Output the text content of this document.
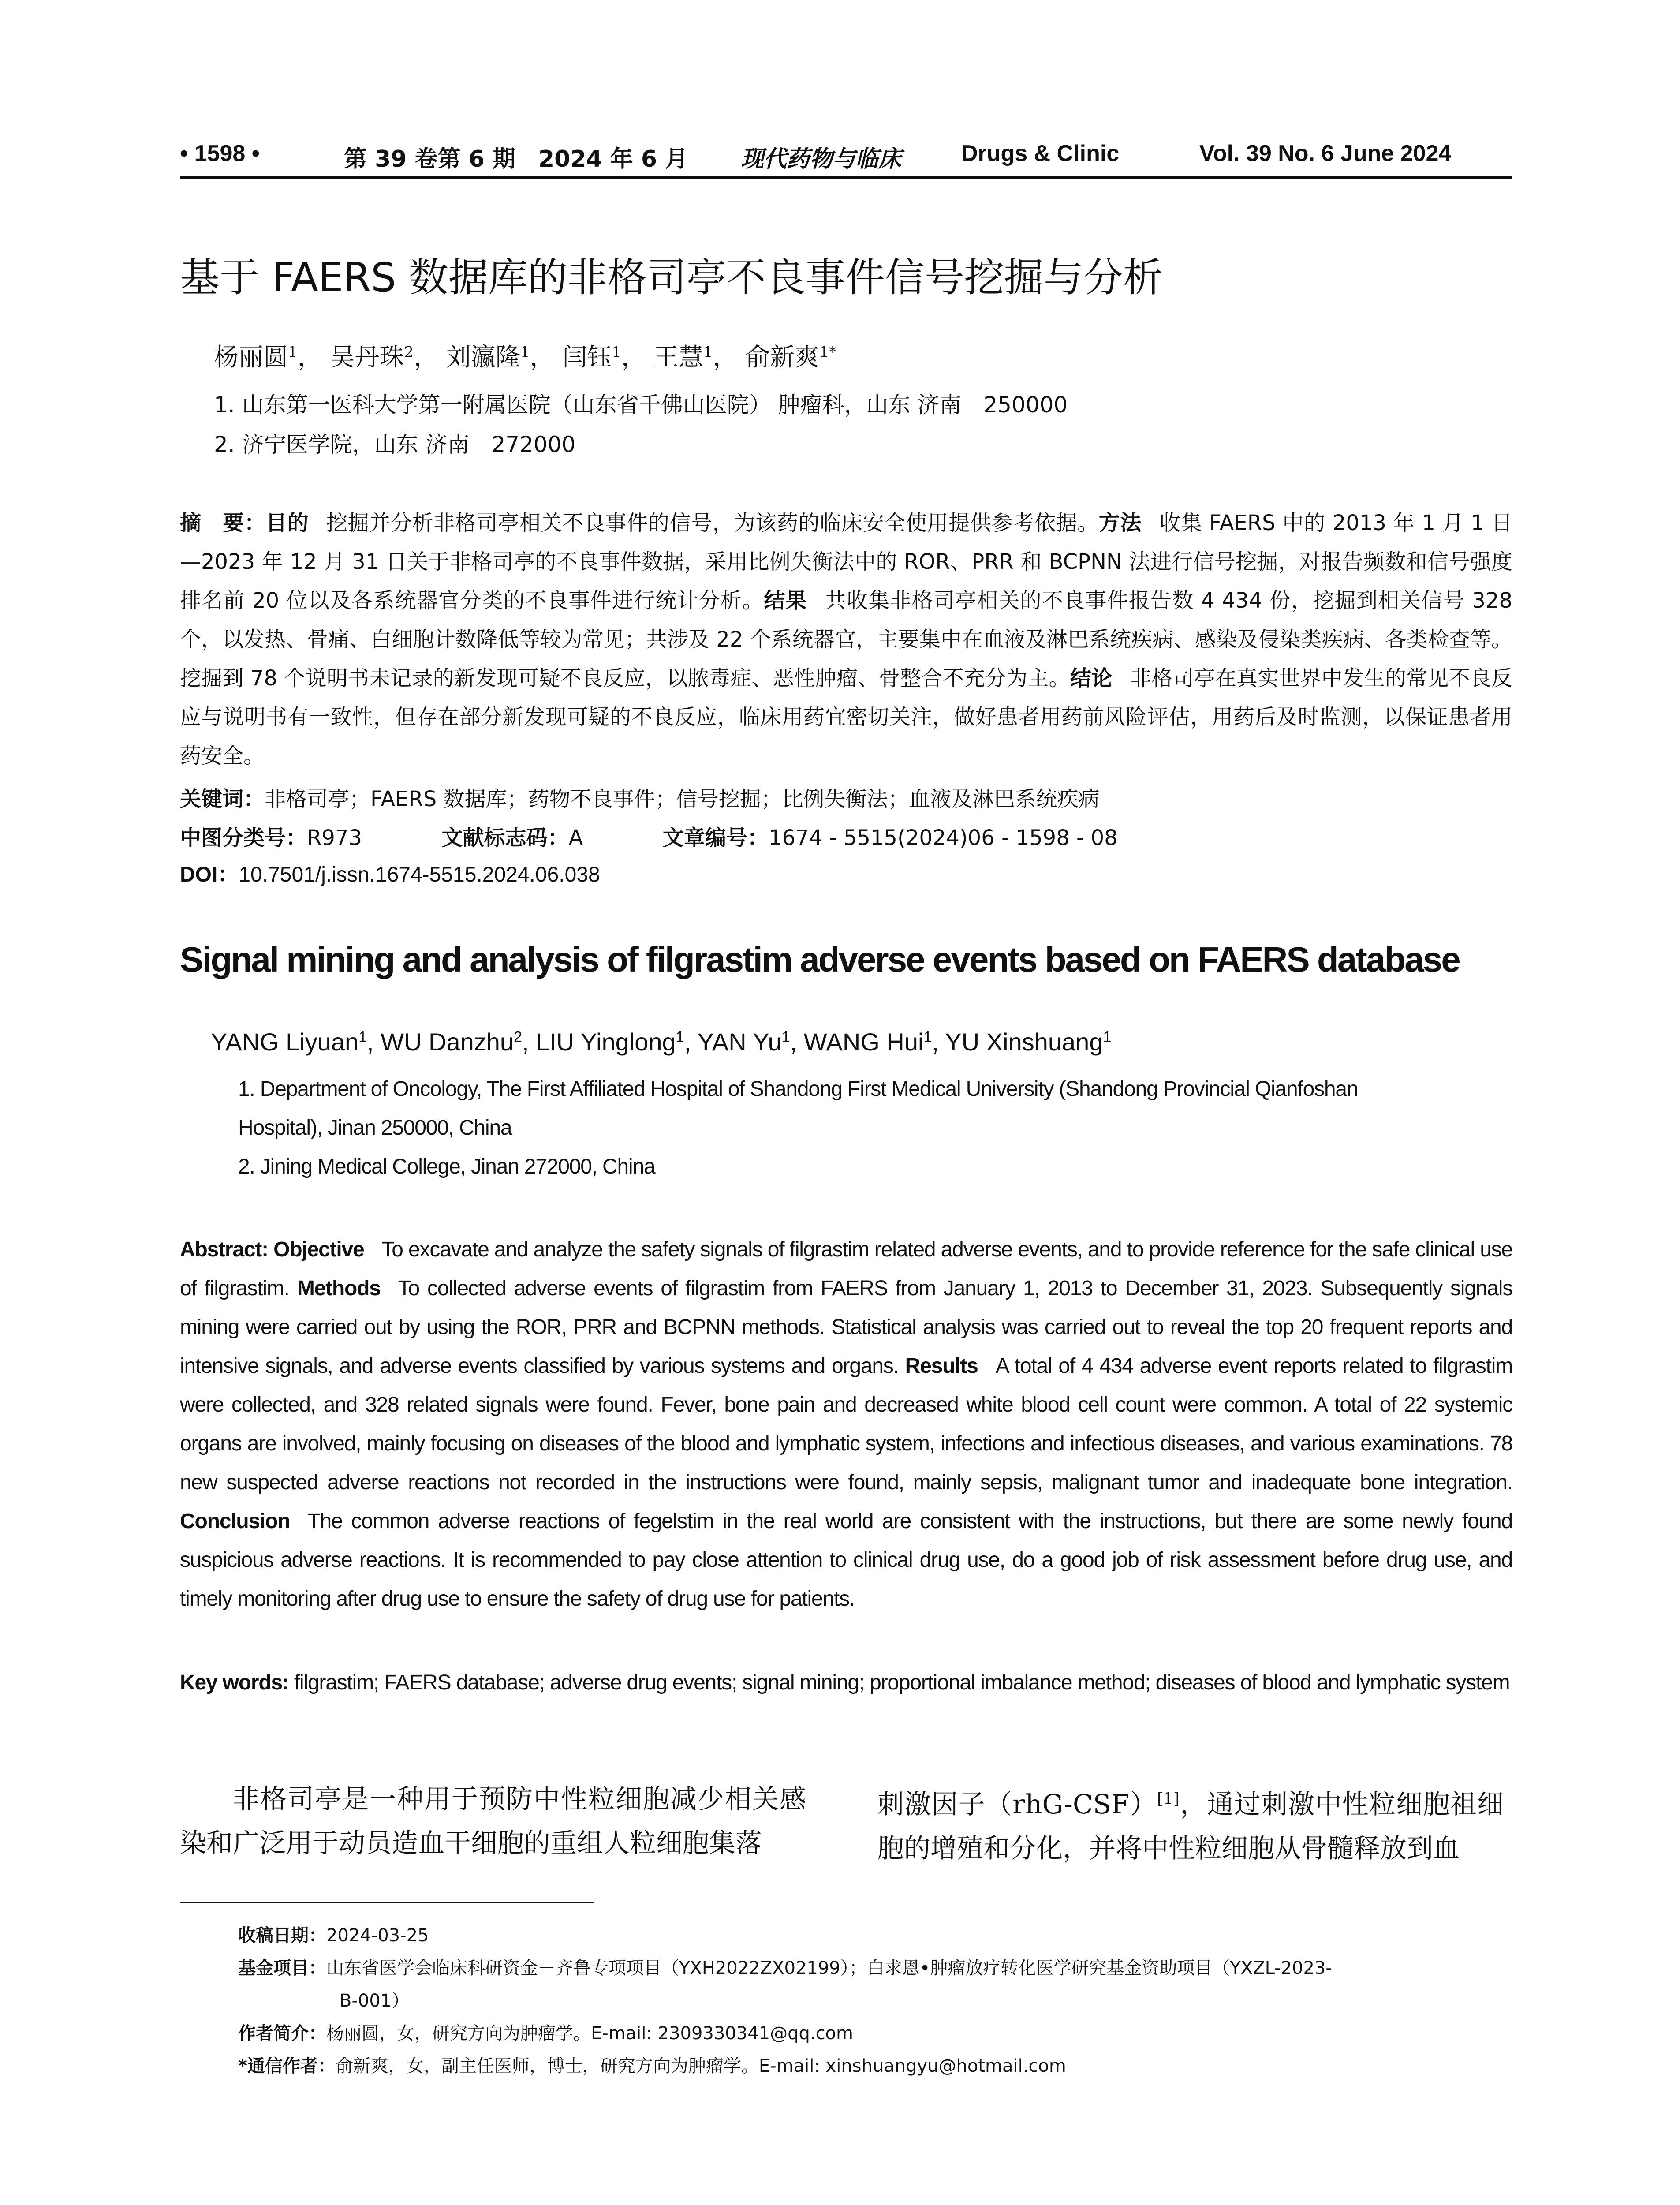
• 1598 •	第 39 卷第 6 期　2024 年 6 月 现代药物与临床	Drugs & Clinic	Vol. 39 No. 6 June 2024
基于 FAERS 数据库的非格司亭不良事件信号挖掘与分析
杨丽圆$^1$， 吴丹珠$^2$， 刘瀛隆$^1$， 闫钰$^1$， 王慧$^1$， 俞新爽$^{1*}$
1. 山东第一医科大学第一附属医院（山东省千佛山医院） 肿瘤科，山东 济南　250000
2. 济宁医学院，山东 济南　272000
摘　要：目的 挖掘并分析非格司亭相关不良事件的信号，为该药的临床安全使用提供参考依据。方法 收集 FAERS 中的 2013 年 1 月 1 日—2023 年 12 月 31 日关于非格司亭的不良事件数据，采用比例失衡法中的 ROR、PRR 和 BCPNN 法进行信号挖掘，对报告频数和信号强度排名前 20 位以及各系统器官分类的不良事件进行统计分析。结果 共收集非格司亭相关的不良事件报告数 4 434 份，挖掘到相关信号 328 个，以发热、骨痛、白细胞计数降低等较为常见；共涉及 22 个系统器官，主要集中在血液及淋巴系统疾病、感染及侵染类疾病、各类检查等。挖掘到 78 个说明书未记录的新发现可疑不良反应，以脓毒症、恶性肿瘤、骨整合不充分为主。结论 非格司亭在真实世界中发生的常见不良反应与说明书有一致性，但存在部分新发现可疑的不良反应，临床用药宜密切关注，做好患者用药前风险评估，用药后及时监测，以保证患者用药安全。
关键词：非格司亭；FAERS 数据库；药物不良事件；信号挖掘；比例失衡法；血液及淋巴系统疾病
中图分类号：R973	文献标志码：A	文章编号：1674 - 5515(2024)06 - 1598 - 08
DOI：10.7501/j.issn.1674-5515.2024.06.038
Signal mining and analysis of filgrastim adverse events based on FAERS database
YANG Liyuan$^1$, WU Danzhu$^2$, LIU Yinglong$^1$, YAN Yu$^1$, WANG Hui$^1$, YU Xinshuang$^1$
1. Department of Oncology, The First Affiliated Hospital of Shandong First Medical University (Shandong Provincial Qianfoshan
Hospital), Jinan 250000, China
2. Jining Medical College, Jinan 272000, China
Abstract: Objective To excavate and analyze the safety signals of filgrastim related adverse events, and to provide reference for the safe clinical use of filgrastim. Methods To collected adverse events of filgrastim from FAERS from January 1, 2013 to December 31, 2023. Subsequently signals mining were carried out by using the ROR, PRR and BCPNN methods. Statistical analysis was carried out to reveal the top 20 frequent reports and intensive signals, and adverse events classified by various systems and organs. Results A total of 4 434 adverse event reports related to filgrastim were collected, and 328 related signals were found. Fever, bone pain and decreased white blood cell count were common. A total of 22 systemic organs are involved, mainly focusing on diseases of the blood and lymphatic system, infections and infectious diseases, and various examinations. 78 new suspected adverse reactions not recorded in the instructions were found, mainly sepsis, malignant tumor and inadequate bone integration. Conclusion The common adverse reactions of fegelstim in the real world are consistent with the instructions, but there are some newly found suspicious adverse reactions. It is recommended to pay close attention to clinical drug use, do a good job of risk assessment before drug use, and timely monitoring after drug use to ensure the safety of drug use for patients.
Key words: filgrastim; FAERS database; adverse drug events; signal mining; proportional imbalance method; diseases of blood and lymphatic system
非格司亭是一种用于预防中性粒细胞减少相关感染和广泛用于动员造血干细胞的重组人粒细胞集落
刺激因子（rhG-CSF）[1]，通过刺激中性粒细胞祖细胞的增殖和分化，并将中性粒细胞从骨髓释放到血
收稿日期：2024-03-25
基金项目：山东省医学会临床科研资金－齐鲁专项项目（YXH2022ZX02199）；白求恩•肿瘤放疗转化医学研究基金资助项目（YXZL-2023-
B-001）
作者简介：杨丽圆，女，研究方向为肿瘤学。E-mail: 2309330341@qq.com
*通信作者：俞新爽，女，副主任医师，博士，研究方向为肿瘤学。E-mail: xinshuangyu@hotmail.com
